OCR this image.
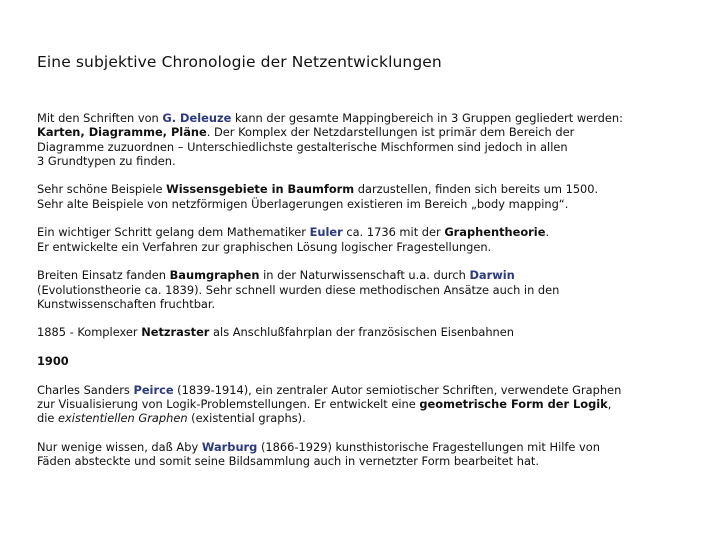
Eine subjektive Chronologie der Netzentwicklungen

Mit den Schriften von G. Deleuze kann der gesamte Mappingbereich in 3 Gruppen gegliedert werden:
Karten, Diagramme, Pläne. Der Komplex der Netzdarstellungen ist primär dem Bereich der
Diagramme zuzuordnen – Unterschiedlichste gestalterische Mischformen sind jedoch in allen
3 Grundtypen zu finden.

Sehr schöne Beispiele Wissensgebiete in Baumform darzustellen, finden sich bereits um 1500.
Sehr alte Beispiele von netzförmigen Überlagerungen existieren im Bereich „body mapping“.

Ein wichtiger Schritt gelang dem Mathematiker Euler ca. 1736 mit der Graphentheorie.
Er entwickelte ein Verfahren zur graphischen Lösung logischer Fragestellungen.

Breiten Einsatz fanden Baumgraphen in der Naturwissenschaft u.a. durch Darwin
(Evolutionstheorie ca. 1839). Sehr schnell wurden diese methodischen Ansätze auch in den
Kunstwissenschaften fruchtbar.

1885 - Komplexer Netzraster als Anschlußfahrplan der französischen Eisenbahnen

1900

Charles Sanders Peirce (1839-1914), ein zentraler Autor semiotischer Schriften, verwendete Graphen
zur Visualisierung von Logik-Problemstellungen. Er entwickelt eine geometrische Form der Logik,
die existentiellen Graphen (existential graphs).

Nur wenige wissen, daß Aby Warburg (1866-1929) kunsthistorische Fragestellungen mit Hilfe von
Fäden absteckte und somit seine Bildsammlung auch in vernetzter Form bearbeitet hat.
